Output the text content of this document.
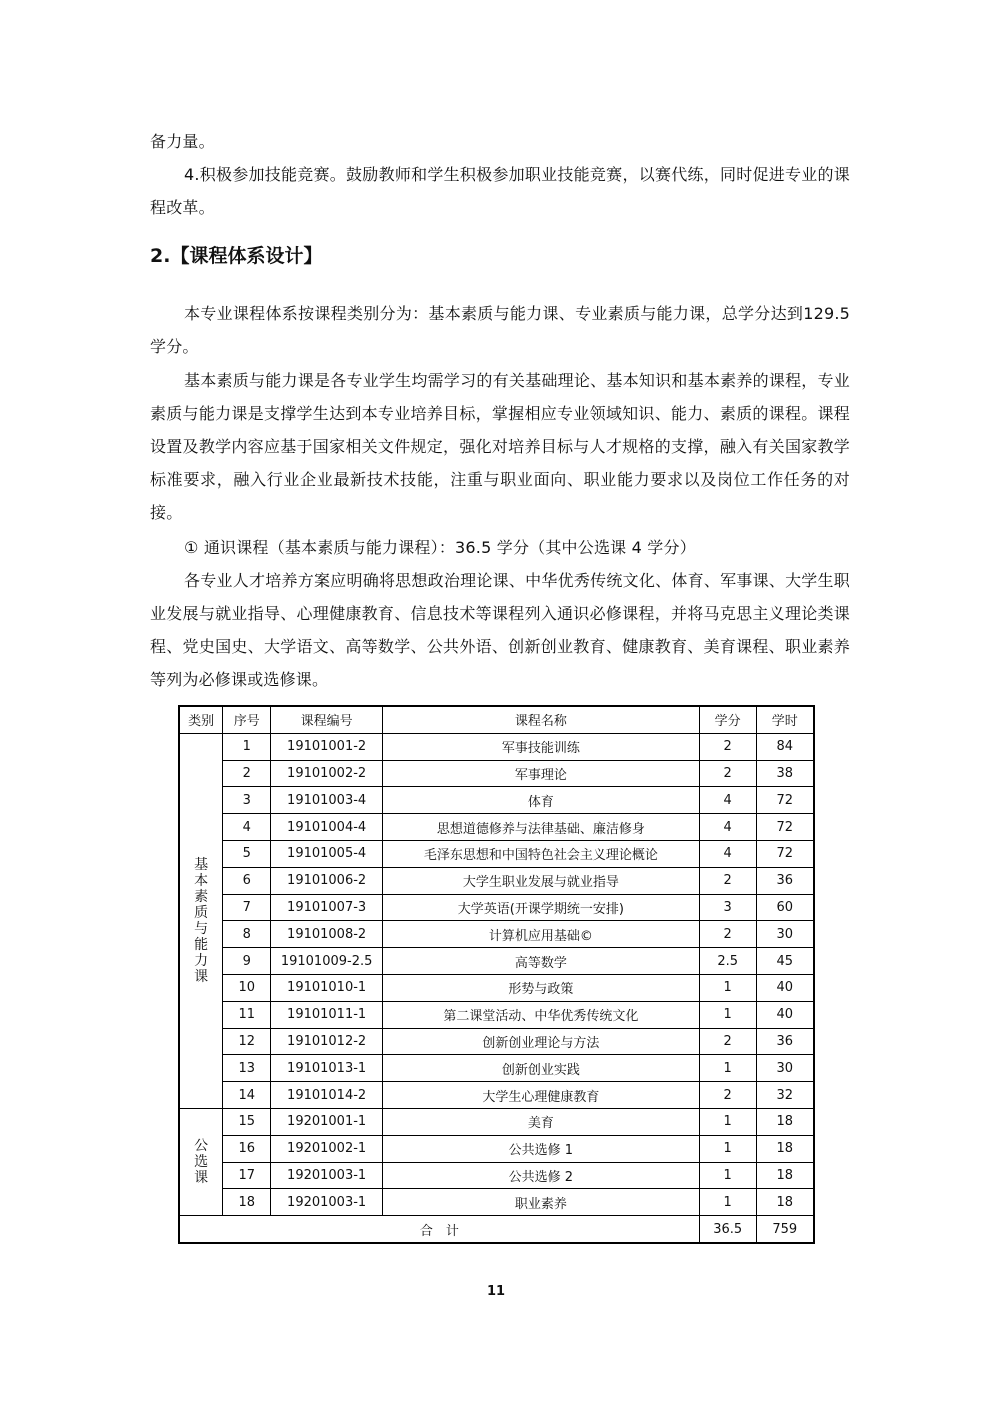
备力量。

4.积极参加技能竞赛。鼓励教师和学生积极参加职业技能竞赛，以赛代练，同时促进专业的课程改革。

2.【课程体系设计】

本专业课程体系按课程类别分为：基本素质与能力课、专业素质与能力课，总学分达到129.5 学分。

基本素质与能力课是各专业学生均需学习的有关基础理论、基本知识和基本素养的课程，专业素质与能力课是支撑学生达到本专业培养目标，掌握相应专业领域知识、能力、素质的课程。课程设置及教学内容应基于国家相关文件规定，强化对培养目标与人才规格的支撑，融入有关国家教学标准要求，融入行业企业最新技术技能，注重与职业面向、职业能力要求以及岗位工作任务的对接。

① 通识课程（基本素质与能力课程）：36.5 学分（其中公选课 4 学分）

各专业人才培养方案应明确将思想政治理论课、中华优秀传统文化、体育、军事课、大学生职业发展与就业指导、心理健康教育、信息技术等课程列入通识必修课程，并将马克思主义理论类课程、党史国史、大学语文、高等数学、公共外语、创新创业教育、健康教育、美育课程、职业素养等列为必修课或选修课。

类别	序号	课程编号	课程名称	学分	学时
基本素质与能力课	1	19101001-2	军事技能训练	2	84
	2	19101002-2	军事理论	2	38
	3	19101003-4	体育	4	72
	4	19101004-4	思想道德修养与法律基础、廉洁修身	4	72
	5	19101005-4	毛泽东思想和中国特色社会主义理论概论	4	72
	6	19101006-2	大学生职业发展与就业指导	2	36
	7	19101007-3	大学英语(开课学期统一安排)	3	60
	8	19101008-2	计算机应用基础©	2	30
	9	19101009-2.5	高等数学	2.5	45
	10	19101010-1	形势与政策	1	40
	11	19101011-1	第二课堂活动、中华优秀传统文化	1	40
	12	19101012-2	创新创业理论与方法	2	36
	13	19101013-1	创新创业实践	1	30
	14	19101014-2	大学生心理健康教育	2	32
公选课	15	19201001-1	美育	1	18
	16	19201002-1	公共选修 1	1	18
	17	19201003-1	公共选修 2	1	18
	18	19201003-1	职业素养	1	18
合　计				36.5	759
11
